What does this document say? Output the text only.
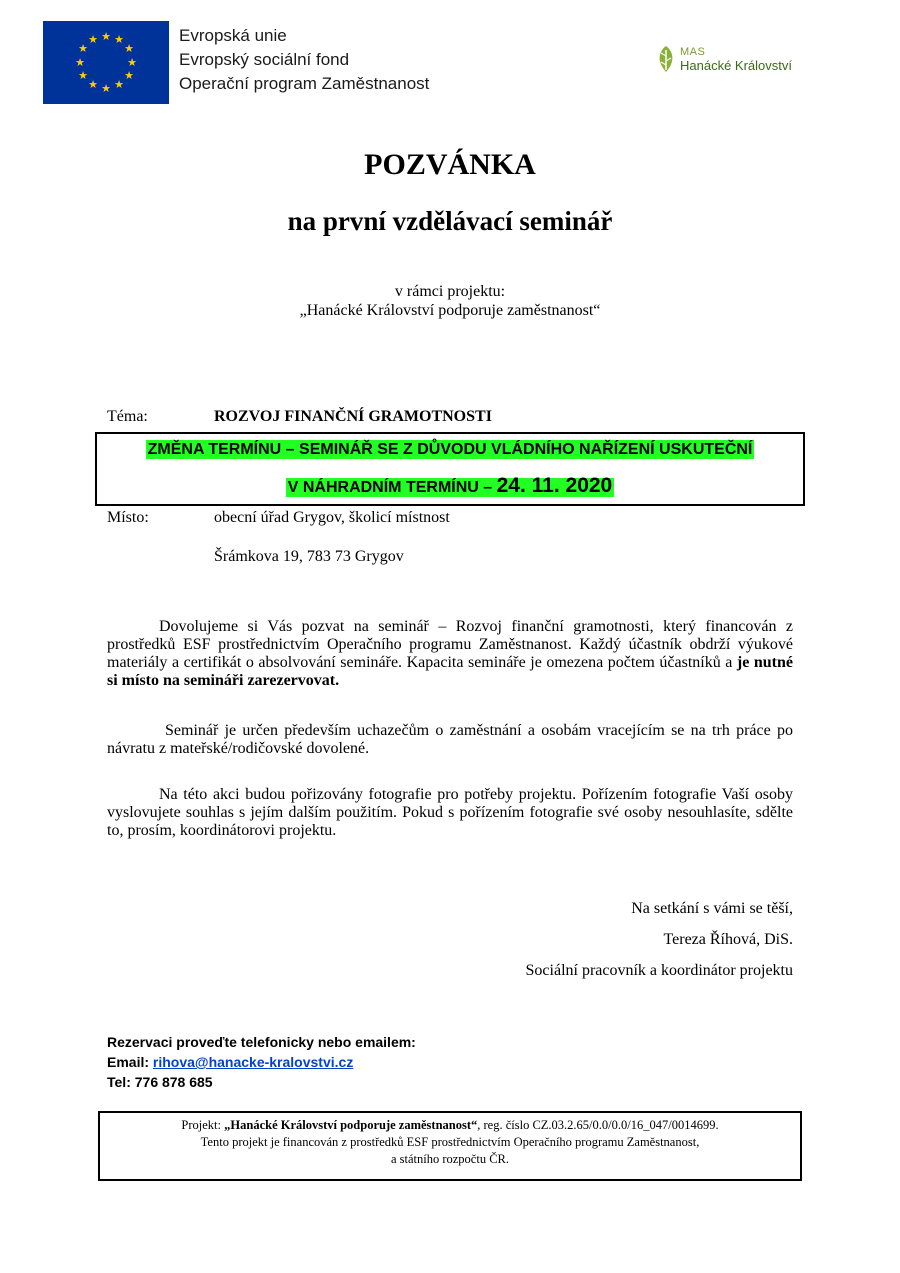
★ ★
★
★
★
★
★
★
★
★
★
★	Evropská unie
Evropský sociální fond
Operační program Zaměstnanost
MAS
Hanácké Království
POZVÁNKA
na první vzdělávací seminář
v rámci projektu:
„Hanácké Království podporuje zaměstnanost“
Téma:	ROZVOJ FINANČNÍ GRAMOTNOSTI
ZMĚNA TERMÍNU – SEMINÁŘ SE Z DŮVODU VLÁDNÍHO NAŘÍZENÍ USKUTEČNÍ
V NÁHRADNÍM TERMÍNU – 24. 11. 2020
Místo:	obecní úřad Grygov, školicí místnost
Šrámkova 19, 783 73 Grygov
Dovolujeme si Vás pozvat na seminář – Rozvoj finanční gramotnosti, který financován z prostředků ESF prostřednictvím Operačního programu Zaměstnanost. Každý účastník obdrží výukové materiály a certifikát o absolvování semináře. Kapacita semináře je omezena počtem účastníků a je nutné si místo na semináři zarezervovat.
Seminář je určen především uchazečům o zaměstnání a osobám vracejícím se na trh práce po návratu z mateřské/rodičovské dovolené.
Na této akci budou pořizovány fotografie pro potřeby projektu. Pořízením fotografie Vaší osoby vyslovujete souhlas s jejím dalším použitím. Pokud s pořízením fotografie své osoby nesouhlasíte, sdělte to, prosím, koordinátorovi projektu.
Na setkání s vámi se těší,
Tereza Říhová, DiS.
Sociální pracovník a koordinátor projektu
Rezervaci proveďte telefonicky nebo emailem:
Email: rihova@hanacke-kralovstvi.cz
Tel: 776 878 685
Projekt: „Hanácké Království podporuje zaměstnanost“, reg. číslo CZ.03.2.65/0.0/0.0/16_047/0014699.
Tento projekt je financován z prostředků ESF prostřednictvím Operačního programu Zaměstnanost,
a státního rozpočtu ČR.
